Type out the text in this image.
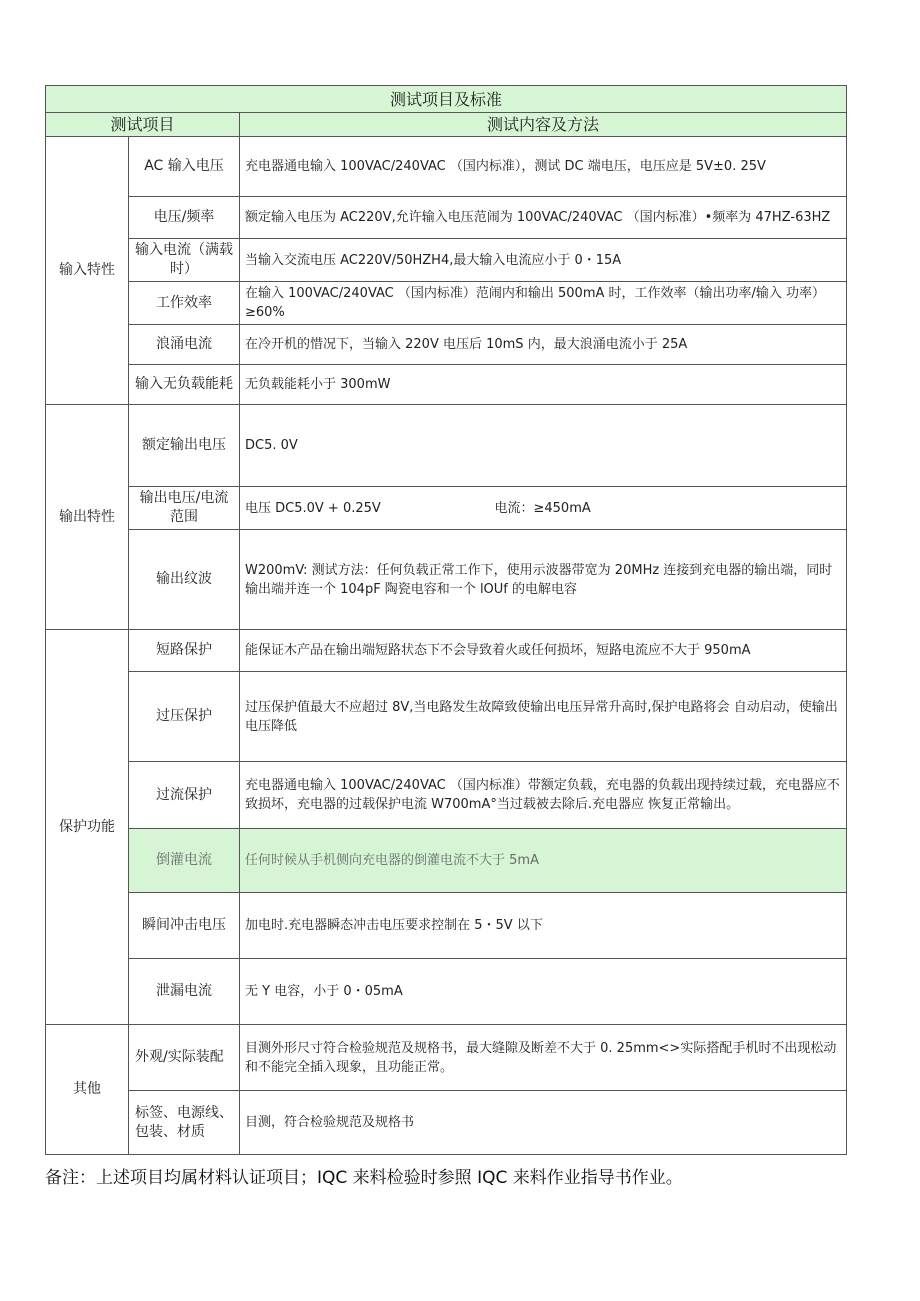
测试项目及标准			
测试项目		测试内容及方法	
输入特性	AC 输入电压	充电器通电输入 100VAC/240VAC （国内标准），测试 DC 端电压，电压应是 5V±0. 25V	
	电压/频率	额定输入电压为 AC220V,允许输入电压范闹为 100VAC/240VAC （国内标准）•频率为 47HZ-63HZ	
	输入电流（满载时）	当输入交流电压 AC220V/50HZH4,最大输入电流应小于 0・15A	
	工作效率	在输入 100VAC/240VAC （国内标准）范闹内和输出 500mA 时，工作效率（输出功率/输入 功率）≥60%	
	浪涌电流	在冷开机的惜况下，当输入 220V 电压后 10mS 内，最大浪涌电流小于 25A	
	输入无负载能耗	无负载能耗小于 300mW	
输出特性	额定输出电压	DC5. 0V	
	输出电压/电流 范围	电压 DC5.0V + 0.25V	电流：≥450mA
	输出纹波	W200mV: 测试方法：任何负载正常工作下，使用示波器带宽为 20MHz 连接到充电器的输出端，同时输出端并连一个 104pF 陶瓷电容和一个 lOUf 的电解电容	
保护功能	短路保护	能保证木产品在输出端短路状态下不会导致着火或任何损坏，短路电流应不大于 950mA	
	过压保护	过压保护值最大不应超过 8V,当电路发生故障致使输出电压异常升高时,保护电路将会 自动启动，使输出电压降低	
	过流保护	充电器通电输入 100VAC/240VAC （国内标准）带额定负载，充电器的负载出现持续过载，充电器应不致损坏，充电器的过载保护电流 W700mA°当过载被去除后.充电器应 恢复正常输出。	
	倒灌电流	任何时候从手机侧向充电器的倒灌电流不大于 5mA	
	瞬间冲击电压	加电时.充电器瞬态冲击电压要求控制在 5・5V 以下	
	泄漏电流	无 Y 电容，小于 0・05mA	
其他	外观/实际装配	目测外形尺寸符合检验规范及规格书，最大缝隙及断差不大于 0. 25mm<>实际搭配手机时不出现松动和不能完全插入现象，且功能正常。	
	标签、电源线、包装、材质	目测，符合检验规范及规格书	
备注：上述项目均属材料认证项目；IQC 来料检验时参照 IQC 来料作业指导书作业。
